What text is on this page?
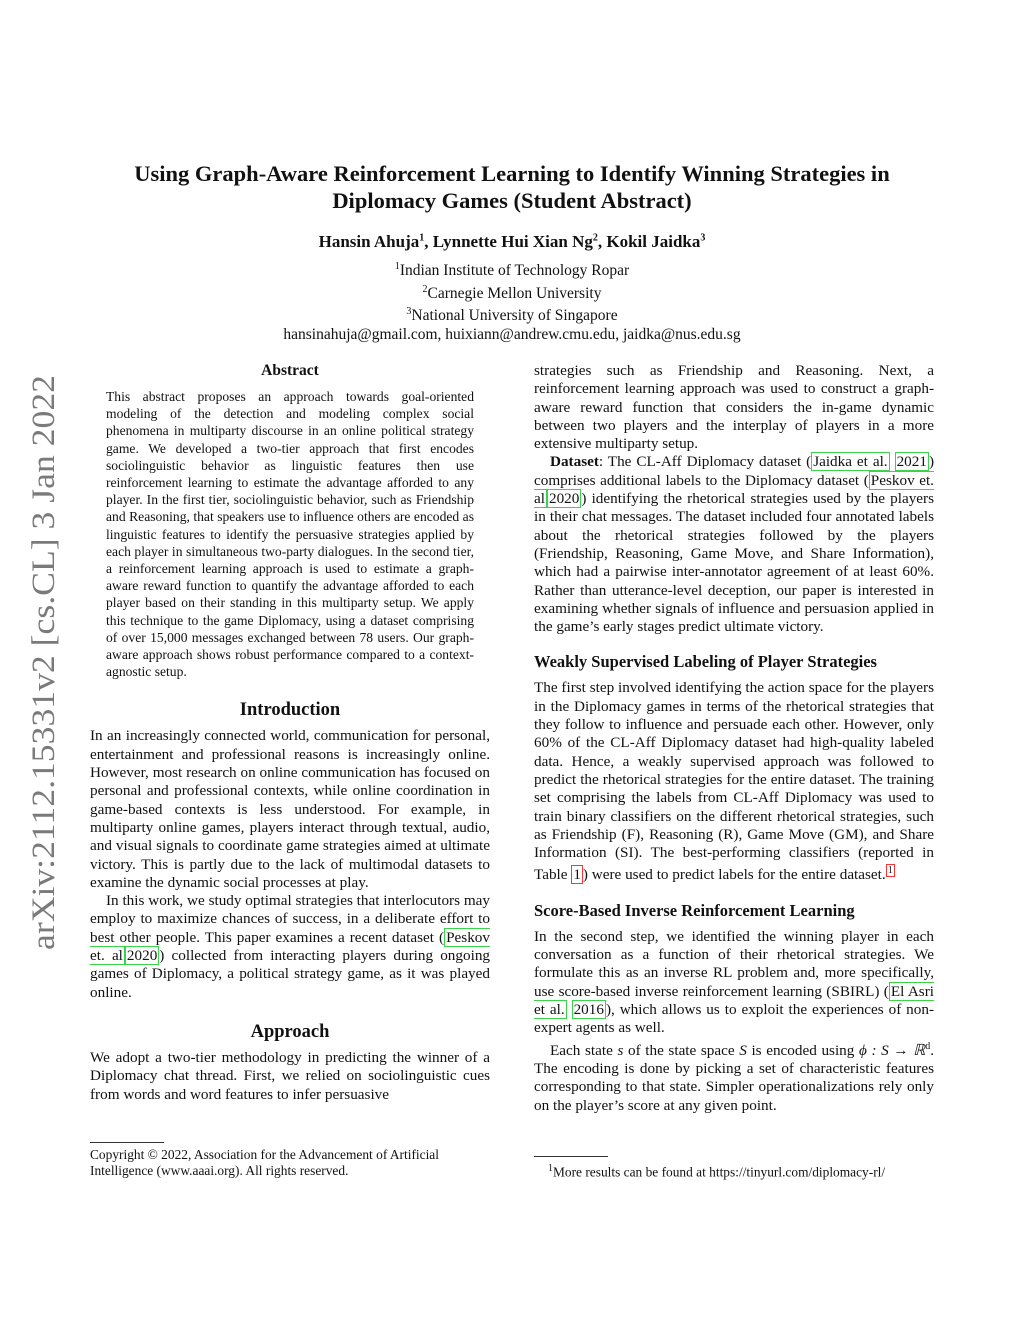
arXiv:2112.15331v2 [cs.CL] 3 Jan 2022
Using Graph-Aware Reinforcement Learning to Identify Winning Strategies in
Diplomacy Games (Student Abstract)
Hansin Ahuja$^1$, Lynnette Hui Xian Ng$^2$, Kokil Jaidka$^3$
$^1$Indian Institute of Technology Ropar
$^2$Carnegie Mellon University
$^3$National University of Singapore
hansinahuja@gmail.com, huixiann@andrew.cmu.edu, jaidka@nus.edu.sg
Abstract

This abstract proposes an approach towards goal-oriented modeling of the detection and modeling complex social phenomena in multiparty discourse in an online political strategy game. We developed a two-tier approach that first encodes sociolinguistic behavior as linguistic features then use reinforcement learning to estimate the advantage afforded to any player. In the first tier, sociolinguistic behavior, such as Friendship and Reasoning, that speakers use to influence others are encoded as linguistic features to identify the persuasive strategies applied by each player in simultaneous two-party dialogues. In the second tier, a reinforcement learning approach is used to estimate a graph-aware reward function to quantify the advantage afforded to each player based on their standing in this multiparty setup. We apply this technique to the game Diplomacy, using a dataset comprising of over 15,000 messages exchanged between 78 users. Our graph-aware approach shows robust performance compared to a context-agnostic setup.

Introduction

In an increasingly connected world, communication for personal, entertainment and professional reasons is increasingly online. However, most research on online communication has focused on personal and professional contexts, while online coordination in game-based contexts is less understood. For example, in multiparty online games, players interact through textual, audio, and visual signals to coordinate game strategies aimed at ultimate victory. This is partly due to the lack of multimodal datasets to examine the dynamic social processes at play.

In this work, we study optimal strategies that interlocutors may employ to maximize chances of success, in a deliberate effort to best other people. This paper examines a recent dataset ( Peskov et. al 2020 ) collected from interacting players during ongoing games of Diplomacy, a political strategy game, as it was played online.

Approach

We adopt a two-tier methodology in predicting the winner of a Diplomacy chat thread. First, we relied on sociolinguistic cues from words and word features to infer persuasive

Copyright © 2022, Association for the Advancement of Artificial Intelligence (www.aaai.org). All rights reserved.

strategies such as Friendship and Reasoning. Next, a reinforcement learning approach was used to construct a graph-aware reward function that considers the in-game dynamic between two players and the interplay of players in a more extensive multiparty setup.

Dataset: The CL-Aff Diplomacy dataset ( Jaidka et al. 2021 ) comprises additional labels to the Diplomacy dataset ( Peskov et. al 2020 ) identifying the rhetorical strategies used by the players in their chat messages. The dataset included four annotated labels about the rhetorical strategies followed by the players (Friendship, Reasoning, Game Move, and Share Information), which had a pairwise inter-annotator agreement of at least 60%. Rather than utterance-level deception, our paper is interested in examining whether signals of influence and persuasion applied in the game’s early stages predict ultimate victory.

Weakly Supervised Labeling of Player Strategies

The first step involved identifying the action space for the players in the Diplomacy games in terms of the rhetorical strategies that they follow to influence and persuade each other. However, only 60% of the CL-Aff Diplomacy dataset had high-quality labeled data. Hence, a weakly supervised approach was followed to predict the rhetorical strategies for the entire dataset. The training set comprising the labels from CL-Aff Diplomacy was used to train binary classifiers on the different rhetorical strategies, such as Friendship (F), Reasoning (R), Game Move (GM), and Share Information (SI). The best-performing classifiers (reported in Table 1 ) were used to predict labels for the entire dataset. $^1$

Score-Based Inverse Reinforcement Learning

In the second step, we identified the winning player in each conversation as a function of their rhetorical strategies. We formulate this as an inverse RL problem and, more specifically, use score-based inverse reinforcement learning (SBIRL) ( El Asri et al. 2016 ), which allows us to exploit the experiences of non-expert agents as well.

Each state s of the state space S is encoded using ϕ : S → ℝ$^d$. The encoding is done by picking a set of characteristic features corresponding to that state. Simpler operationalizations rely only on the player’s score at any given point.

$^1$More results can be found at https://tinyurl.com/diplomacy-rl/
